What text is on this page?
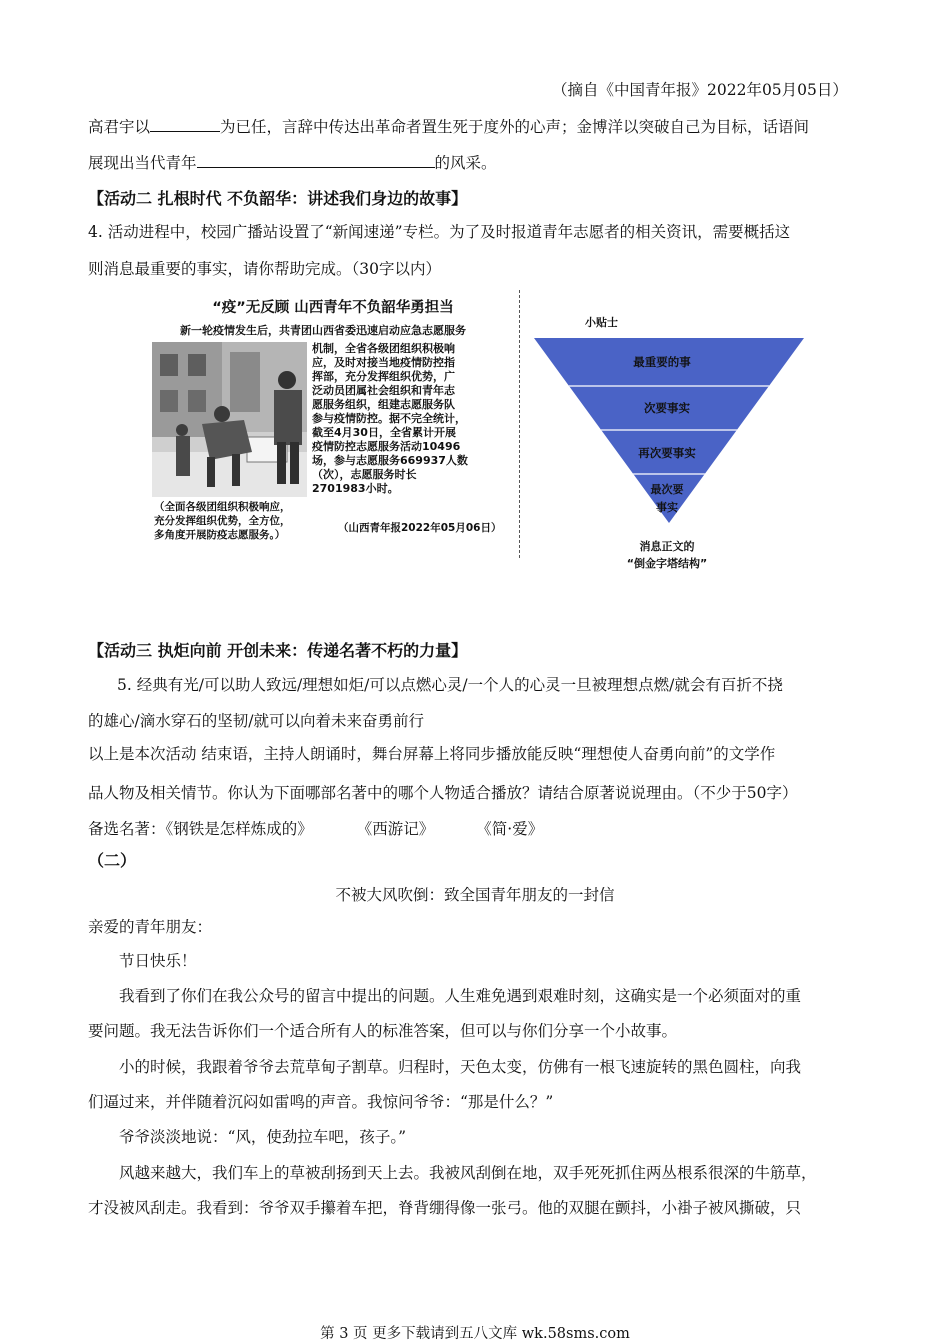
（摘自《中国青年报》2022年05月05日）
高君宇以	为已任，言辞中传达出革命者置生死于度外的心声；金博洋以突破自己为目标，话语间
展现出当代青年	的风采。
【活动二 扎根时代 不负韶华：讲述我们身边的故事】
4. 活动进程中，校园广播站设置了“新闻速递”专栏。为了及时报道青年志愿者的相关资讯，需要概括这
则消息最重要的事实，请你帮助完成。（30字以内）
“疫”无反顾 山西青年不负韶华勇担当
新一轮疫情发生后，共青团山西省委迅速启动应急志愿服务
机制，全省各级团组织积极响
应，及时对接当地疫情防控指
挥部，充分发挥组织优势，广
泛动员团属社会组织和青年志
愿服务组织，组建志愿服务队
参与疫情防控。据不完全统计，
截至4月30日，全省累计开展
疫情防控志愿服务活动10496
场，参与志愿服务669937人数
（次），志愿服务时长
2701983小时。
（全面各级团组织积极响应，
充分发挥组织优势，全方位，
多角度开展防疫志愿服务。）
（山西青年报2022年05月06日）
小贴士
最重要的事
次要事实
再次要事实
最次要
事实
消息正文的
“倒金字塔结构”
【活动三 执炬向前 开创未来：传递名著不朽的力量】
5. 经典有光/可以助人致远/理想如炬/可以点燃心灵/一个人的心灵一旦被理想点燃/就会有百折不挠
的雄心/滴水穿石的坚韧/就可以向着未来奋勇前行
以上是本次活动 结束语，主持人朗诵时，舞台屏幕上将同步播放能反映“理想使人奋勇向前”的文学作
品人物及相关情节。你认为下面哪部名著中的哪个人物适合播放？请结合原著说说理由。（不少于50字）
备选名著：《钢铁是怎样炼成的》	《西游记》	《简·爱》
（二）
不被大风吹倒：致全国青年朋友的一封信
亲爱的青年朋友：
节日快乐！
我看到了你们在我公众号的留言中提出的问题。人生难免遇到艰难时刻，这确实是一个必须面对的重
要问题。我无法告诉你们一个适合所有人的标准答案，但可以与你们分享一个小故事。
小的时候，我跟着爷爷去荒草甸子割草。归程时，天色太变，仿佛有一根飞速旋转的黑色圆柱，向我
们逼过来，并伴随着沉闷如雷鸣的声音。我惊问爷爷：“那是什么？”
爷爷淡淡地说：“风，使劲拉车吧，孩子。”
风越来越大，我们车上的草被刮扬到天上去。我被风刮倒在地，双手死死抓住两丛根系很深的牛筋草，
才没被风刮走。我看到：爷爷双手攥着车把，脊背绷得像一张弓。他的双腿在颤抖，小褂子被风撕破，只
第 3 页 更多下载请到五八文库 wk.58sms.com
